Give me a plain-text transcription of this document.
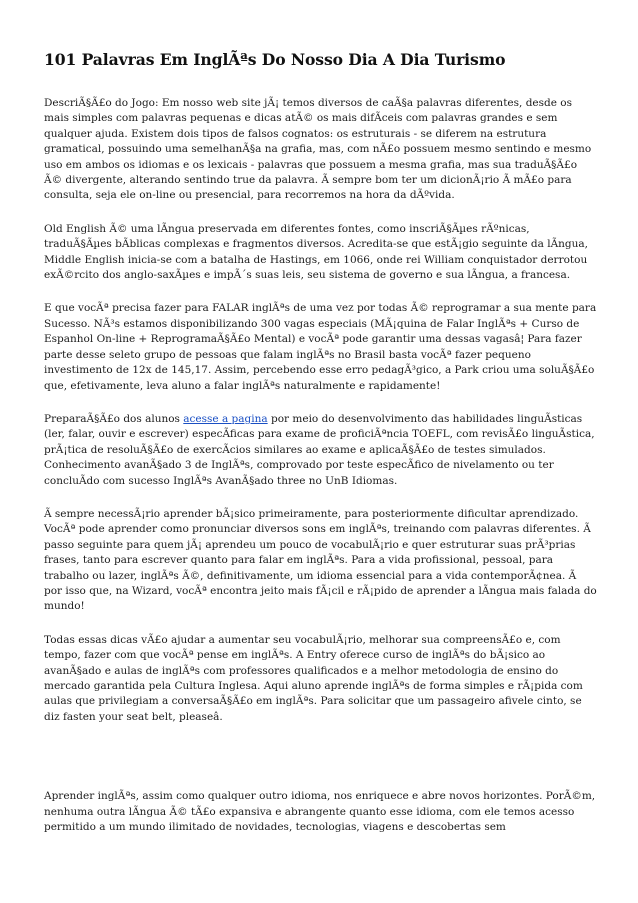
101 Palavras Em InglÃªs Do Nosso Dia A Dia Turismo

DescriÃ§Ã£o do Jogo: Em nosso web site jÃ¡ temos diversos de caÃ§a palavras diferentes, desde os mais simples com palavras pequenas e dicas atÃ© os mais difÃceis com palavras grandes e sem qualquer ajuda. Existem dois tipos de falsos cognatos: os estruturais - se diferem na estrutura gramatical, possuindo uma semelhanÃ§a na grafia, mas, com nÃ£o possuem mesmo sentindo e mesmo uso em ambos os idiomas e os lexicais - palavras que possuem a mesma grafia, mas sua traduÃ§Ã£o Ã© divergente, alterando sentindo true da palavra. Ã sempre bom ter um dicionÃ¡rio Ã mÃ£o para consulta, seja ele on-line ou presencial, para recorremos na hora da dÃºvida.

Old English Ã© uma lÃngua preservada em diferentes fontes, como inscriÃ§Ãµes rÃºnicas, traduÃ§Ãµes bÃblicas complexas e fragmentos diversos. Acredita-se que estÃ¡gio seguinte da lÃngua, Middle English inicia-se com a batalha de Hastings, em 1066, onde rei William conquistador derrotou exÃ©rcito dos anglo-saxÃµes e impÃ´s suas leis, seu sistema de governo e sua lÃngua, a francesa.

E que vocÃª precisa fazer para FALAR inglÃªs de uma vez por todas Ã© reprogramar a sua mente para Sucesso. NÃ³s estamos disponibilizando 300 vagas especiais (MÃ¡quina de Falar InglÃªs + Curso de Espanhol On-line + ReprogramaÃ§Ã£o Mental) e vocÃª pode garantir uma dessas vagasâ¦ Para fazer parte desse seleto grupo de pessoas que falam inglÃªs no Brasil basta vocÃª fazer pequeno investimento de 12x de 145,17. Assim, percebendo esse erro pedagÃ³gico, a Park criou uma soluÃ§Ã£o que, efetivamente, leva aluno a falar inglÃªs naturalmente e rapidamente!

PreparaÃ§Ã£o dos alunos acesse a pagina por meio do desenvolvimento das habilidades linguÃsticas (ler, falar, ouvir e escrever) especÃficas para exame de proficiÃªncia TOEFL, com revisÃ£o linguÃstica, prÃ¡tica de resoluÃ§Ã£o de exercÃcios similares ao exame e aplicaÃ§Ã£o de testes simulados. Conhecimento avanÃ§ado 3 de InglÃªs, comprovado por teste especÃfico de nivelamento ou ter concluÃdo com sucesso InglÃªs AvanÃ§ado three no UnB Idiomas.

Ã sempre necessÃ¡rio aprender bÃ¡sico primeiramente, para posteriormente dificultar aprendizado. VocÃª pode aprender como pronunciar diversos sons em inglÃªs, treinando com palavras diferentes. Ã passo seguinte para quem jÃ¡ aprendeu um pouco de vocabulÃ¡rio e quer estruturar suas prÃ³prias frases, tanto para escrever quanto para falar em inglÃªs. Para a vida profissional, pessoal, para trabalho ou lazer, inglÃªs Ã©, definitivamente, um idioma essencial para a vida contemporÃ¢nea. Ã por isso que, na Wizard, vocÃª encontra jeito mais fÃ¡cil e rÃ¡pido de aprender a lÃngua mais falada do mundo!

Todas essas dicas vÃ£o ajudar a aumentar seu vocabulÃ¡rio, melhorar sua compreensÃ£o e, com tempo, fazer com que vocÃª pense em inglÃªs. A Entry oferece curso de inglÃªs do bÃ¡sico ao avanÃ§ado e aulas de inglÃªs com professores qualificados e a melhor metodologia de ensino do mercado garantida pela Cultura Inglesa. Aqui aluno aprende inglÃªs de forma simples e rÃ¡pida com aulas que privilegiam a conversaÃ§Ã£o em inglÃªs. Para solicitar que um passageiro afivele cinto, se diz fasten your seat belt, pleaseâ.

Aprender inglÃªs, assim como qualquer outro idioma, nos enriquece e abre novos horizontes. PorÃ©m, nenhuma outra lÃngua Ã© tÃ£o expansiva e abrangente quanto esse idioma, com ele temos acesso permitido a um mundo ilimitado de novidades, tecnologias, viagens e descobertas sem
